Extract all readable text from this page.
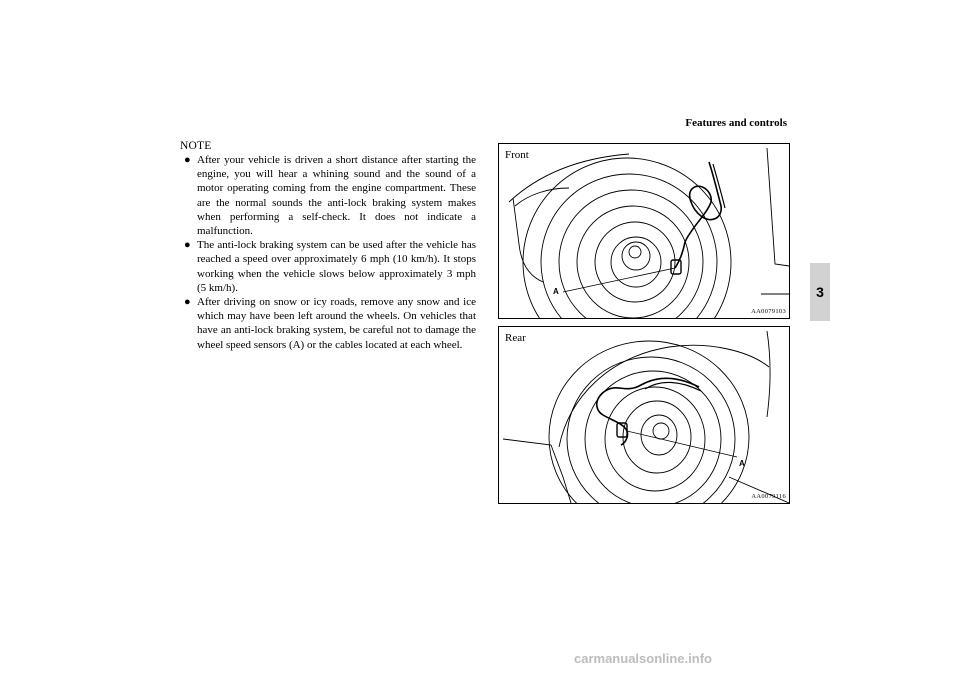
Features and controls
3
NOTE
● After your vehicle is driven a short distance after starting the engine, you will hear a whining sound and the sound of a motor operating coming from the engine compartment. These are the normal sounds the anti-lock braking system makes when performing a self-check. It does not indicate a malfunction.
● The anti-lock braking system can be used after the vehicle has reached a speed over approximately 6 mph (10 km/h). It stops working when the vehicle slows below approximately 3 mph (5 km/h).
● After driving on snow or icy roads, remove any snow and ice which may have been left around the wheels. On vehicles that have an anti-lock braking system, be careful not to damage the wheel speed sensors (A) or the cables located at each wheel.
Front
A
AA0079103
Rear
A
AA0079116
carmanualsonline.info
